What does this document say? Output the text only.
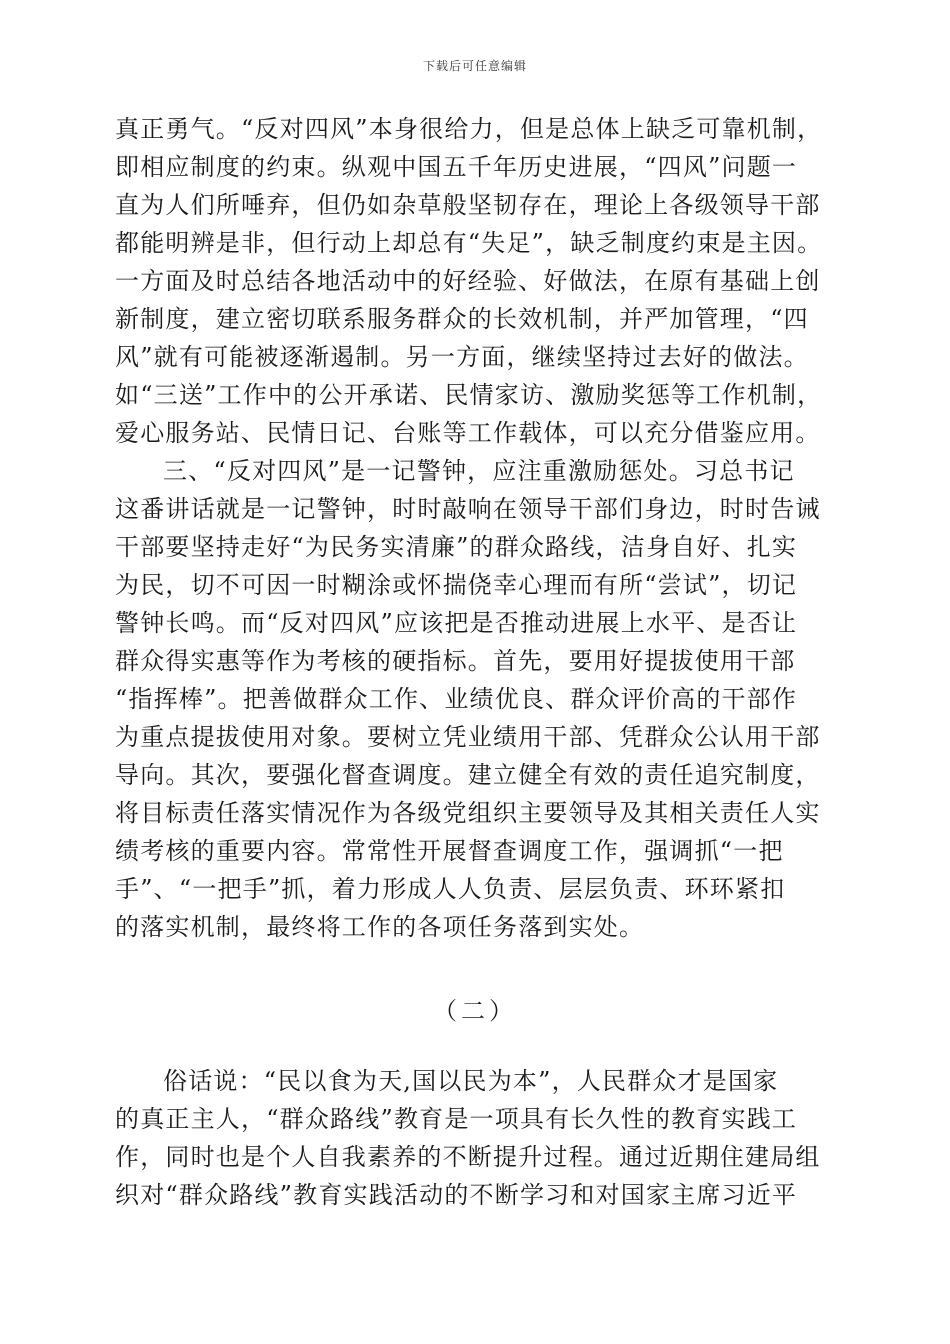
下载后可任意编辑
真正勇气。“反对四风”本身很给力，但是总体上缺乏可靠机制，
即相应制度的约束。纵观中国五千年历史进展，“四风”问题一
直为人们所唾弃，但仍如杂草般坚韧存在，理论上各级领导干部
都能明辨是非，但行动上却总有“失足”，缺乏制度约束是主因。
一方面及时总结各地活动中的好经验、好做法，在原有基础上创
新制度，建立密切联系服务群众的长效机制，并严加管理，“四
风”就有可能被逐渐遏制。另一方面，继续坚持过去好的做法。
如“三送”工作中的公开承诺、民情家访、激励奖惩等工作机制，
爱心服务站、民情日记、台账等工作载体，可以充分借鉴应用。
三、“反对四风”是一记警钟，应注重激励惩处。习总书记
这番讲话就是一记警钟，时时敲响在领导干部们身边，时时告诫
干部要坚持走好“为民务实清廉”的群众路线，洁身自好、扎实
为民，切不可因一时糊涂或怀揣侥幸心理而有所“尝试”，切记
警钟长鸣。而“反对四风”应该把是否推动进展上水平、是否让
群众得实惠等作为考核的硬指标。首先，要用好提拔使用干部
“指挥棒”。把善做群众工作、业绩优良、群众评价高的干部作
为重点提拔使用对象。要树立凭业绩用干部、凭群众公认用干部
导向。其次，要强化督查调度。建立健全有效的责任追究制度，
将目标责任落实情况作为各级党组织主要领导及其相关责任人实
绩考核的重要内容。常常性开展督查调度工作，强调抓“一把
手”、“一把手”抓，着力形成人人负责、层层负责、环环紧扣
的落实机制，最终将工作的各项任务落到实处。
（二）
俗话说：“民以食为天,国以民为本”，人民群众才是国家
的真正主人，“群众路线”教育是一项具有长久性的教育实践工
作，同时也是个人自我素养的不断提升过程。通过近期住建局组
织对“群众路线”教育实践活动的不断学习和对国家主席习近平
